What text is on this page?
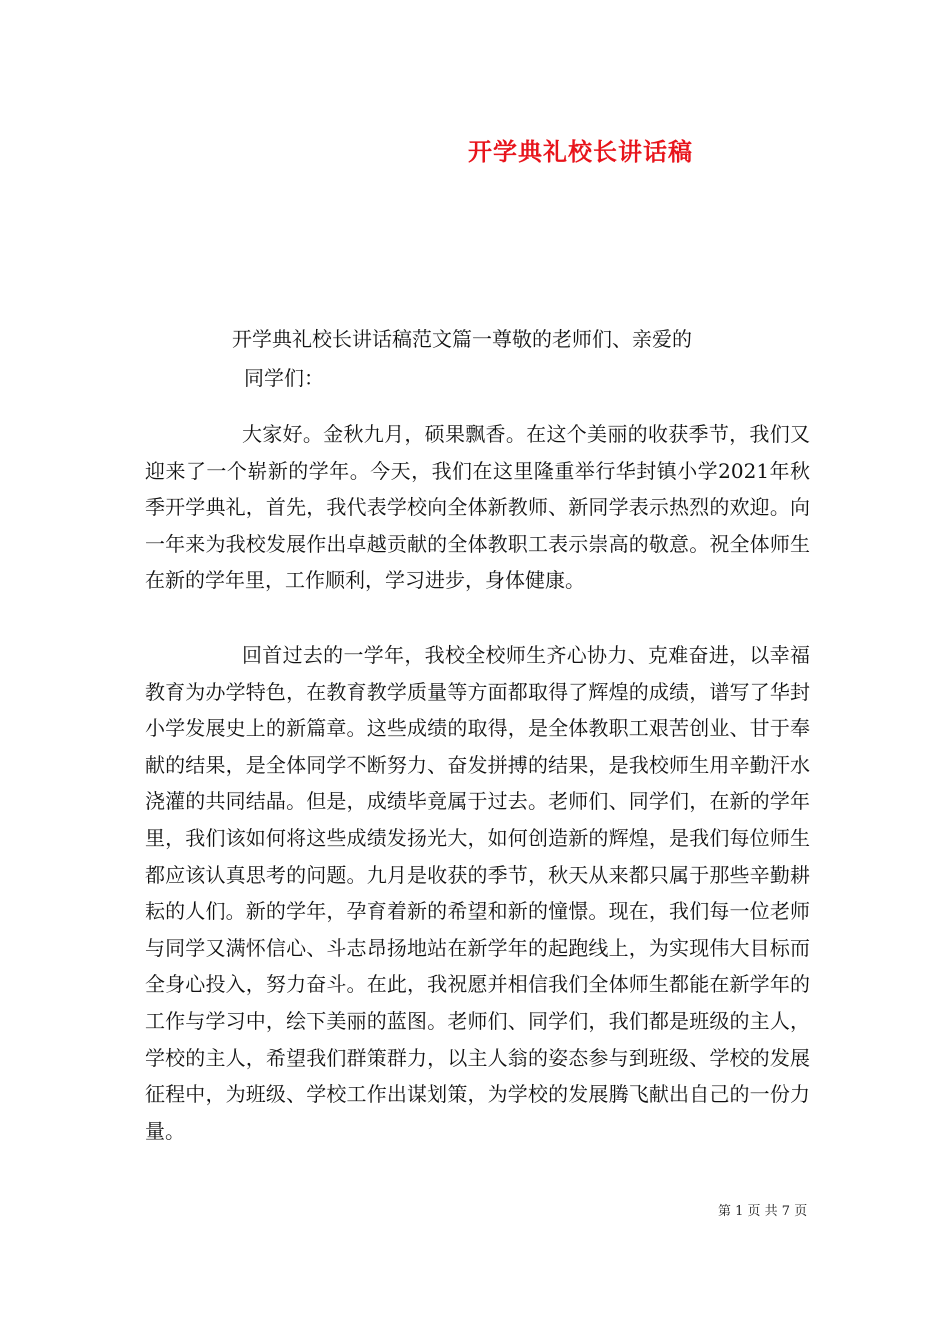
开学典礼校长讲话稿
开学典礼校长讲话稿范文篇一尊敬的老师们、亲爱的
同学们：

大家好。金秋九月，硕果飘香。在这个美丽的收获季节，我们又迎来了一个崭新的学年。今天，我们在这里隆重举行华封镇小学2021年秋季开学典礼，首先，我代表学校向全体新教师、新同学表示热烈的欢迎。向一年来为我校发展作出卓越贡献的全体教职工表示崇高的敬意。祝全体师生在新的学年里，工作顺利，学习进步，身体健康。

回首过去的一学年，我校全校师生齐心协力、克难奋进，以幸福教育为办学特色，在教育教学质量等方面都取得了辉煌的成绩，谱写了华封小学发展史上的新篇章。这些成绩的取得，是全体教职工艰苦创业、甘于奉献的结果，是全体同学不断努力、奋发拼搏的结果，是我校师生用辛勤汗水浇灌的共同结晶。但是，成绩毕竟属于过去。老师们、同学们，在新的学年里，我们该如何将这些成绩发扬光大，如何创造新的辉煌，是我们每位师生都应该认真思考的问题。九月是收获的季节，秋天从来都只属于那些辛勤耕耘的人们。新的学年，孕育着新的希望和新的憧憬。现在，我们每一位老师与同学又满怀信心、斗志昂扬地站在新学年的起跑线上，为实现伟大目标而全身心投入，努力奋斗。在此，我祝愿并相信我们全体师生都能在新学年的工作与学习中，绘下美丽的蓝图。老师们、同学们，我们都是班级的主人，学校的主人，希望我们群策群力，以主人翁的姿态参与到班级、学校的发展征程中，为班级、学校工作出谋划策，为学校的发展腾飞献出自己的一份力量。

第 1 页 共 7 页
